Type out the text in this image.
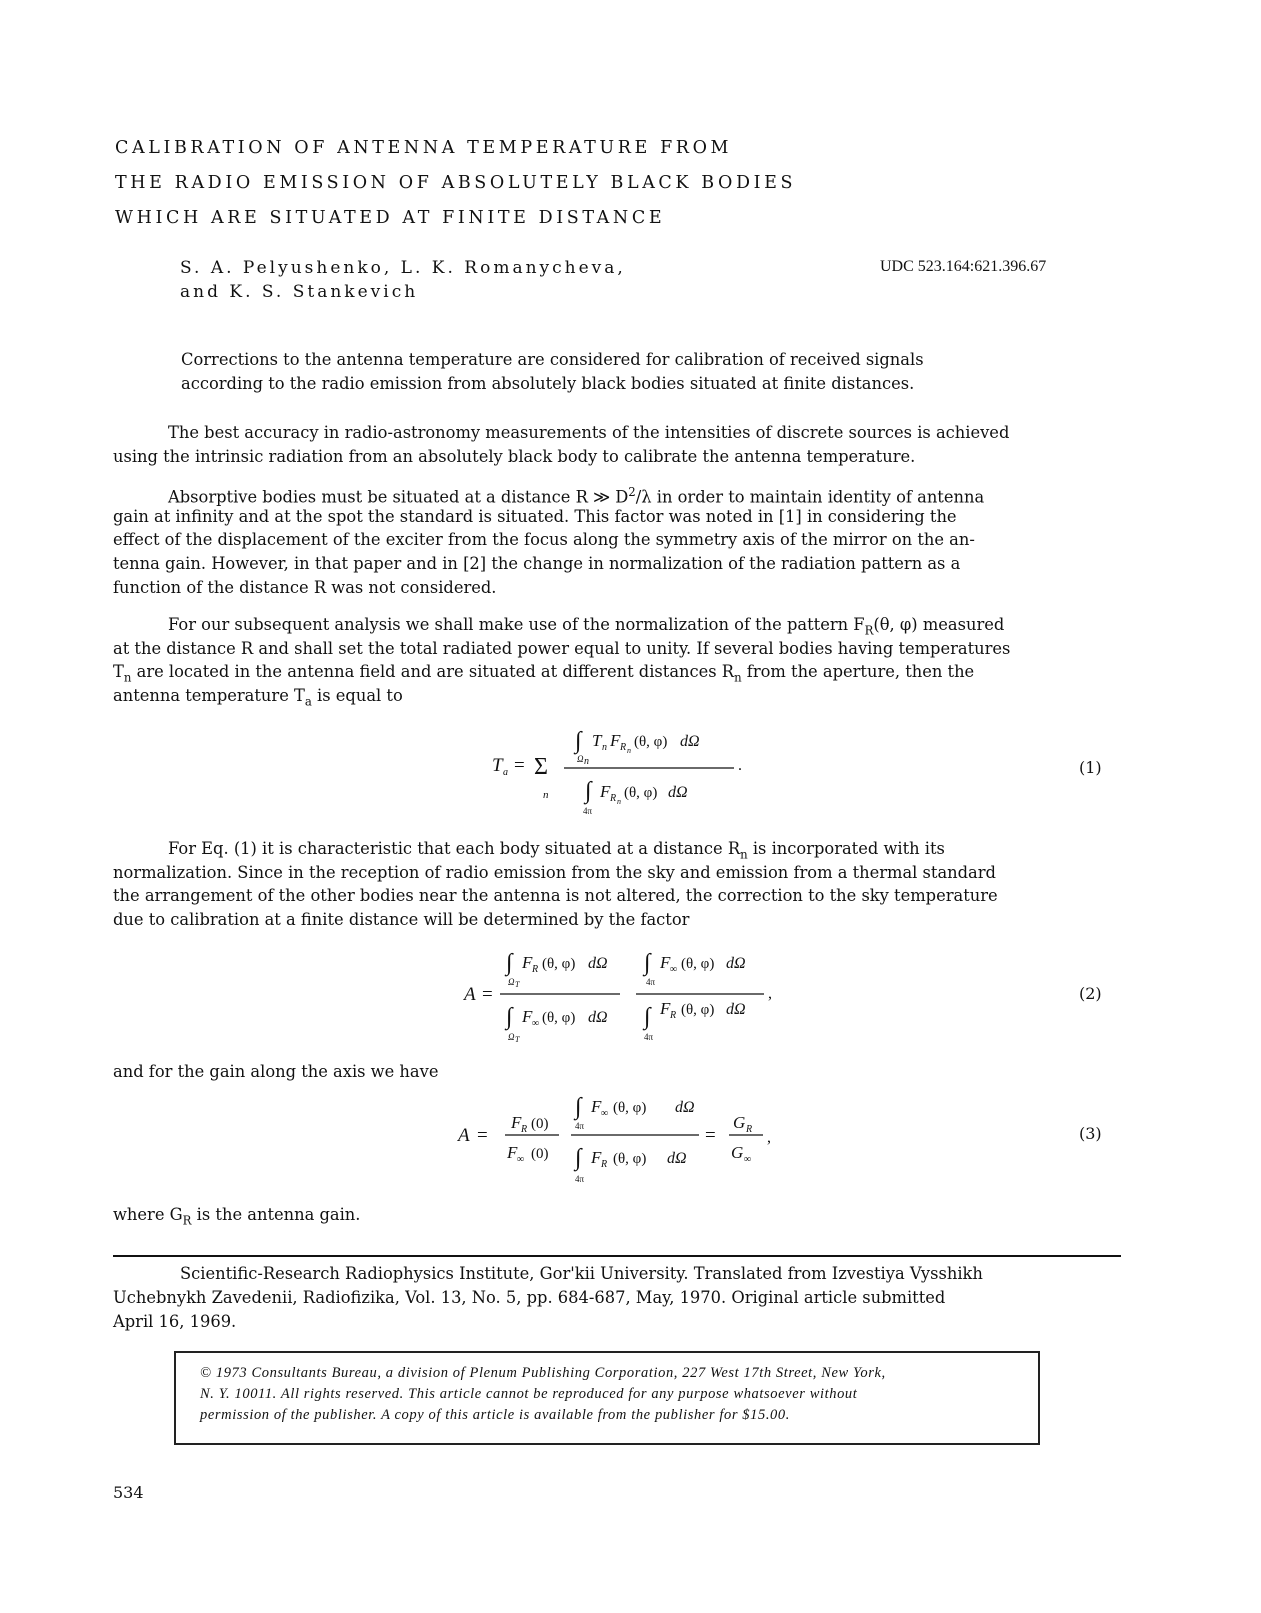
CALIBRATION OF ANTENNA TEMPERATURE FROM
THE RADIO EMISSION OF ABSOLUTELY BLACK BODIES
WHICH ARE SITUATED AT FINITE DISTANCE
S. A. Pelyushenko, L. K. Romanycheva,
and K. S. Stankevich
UDC 523.164:621.396.67
Corrections to the antenna temperature are considered for calibration of received signals
according to the radio emission from absolutely black bodies situated at finite distances.
The best accuracy in radio-astronomy measurements of the intensities of discrete sources is achieved
using the intrinsic radiation from an absolutely black body to calibrate the antenna temperature.
Absorptive bodies must be situated at a distance R ≫ $D^2/\lambda$ in order to maintain identity of antenna
gain at infinity and at the spot the standard is situated. This factor was noted in [1] in considering the
effect of the displacement of the exciter from the focus along the symmetry axis of the mirror on the an-
tenna gain. However, in that paper and in [2] the change in normalization of the radiation pattern as a
function of the distance R was not considered.
For our subsequent analysis we shall make use of the normalization of the pattern $F_R(\theta$, φ) measured
at the distance R and shall set the total radiated power equal to unity. If several bodies having temperatures
$T_n$ are located in the antenna field and are situated at different distances $R_n$ from the aperture, then the
antenna temperature $T_a$ is equal to
T a = Σ
n
∫ T n F R n
(θ, φ) dΩ
Ω n	.
∫ F R n
(θ, φ) dΩ
4π
(1)
For Eq. (1) it is characteristic that each body situated at a distance $R_n$ is incorporated with its
normalization. Since in the reception of radio emission from the sky and emission from a thermal standard
the arrangement of the other bodies near the antenna is not altered, the correction to the sky temperature
due to calibration at a finite distance will be determined by the factor
A =
∫ F R (θ, φ) dΩ
Ω T
∫ F ∞ (θ, φ) dΩ
Ω T
∫ F ∞ (θ, φ) dΩ
4π
,
∫ F R (θ, φ) dΩ
4π
(2)
and for the gain along the axis we have
A =
F R (0)
F ∞ (0)
∫ F ∞ (θ, φ) dΩ
4π	=
∫ F R (θ, φ) dΩ
4π
G R
G ∞
,	(3)
where $G_R$ is the antenna gain.
Scientific-Research Radiophysics Institute, Gor'kii University. Translated from Izvestiya Vysshikh
Uchebnykh Zavedenii, Radiofizika, Vol. 13, No. 5, pp. 684-687, May, 1970. Original article submitted
April 16, 1969.
© 1973 Consultants Bureau, a division of Plenum Publishing Corporation, 227 West 17th Street, New York,
N. Y. 10011. All rights reserved. This article cannot be reproduced for any purpose whatsoever without
permission of the publisher. A copy of this article is available from the publisher for $15.00.
534
